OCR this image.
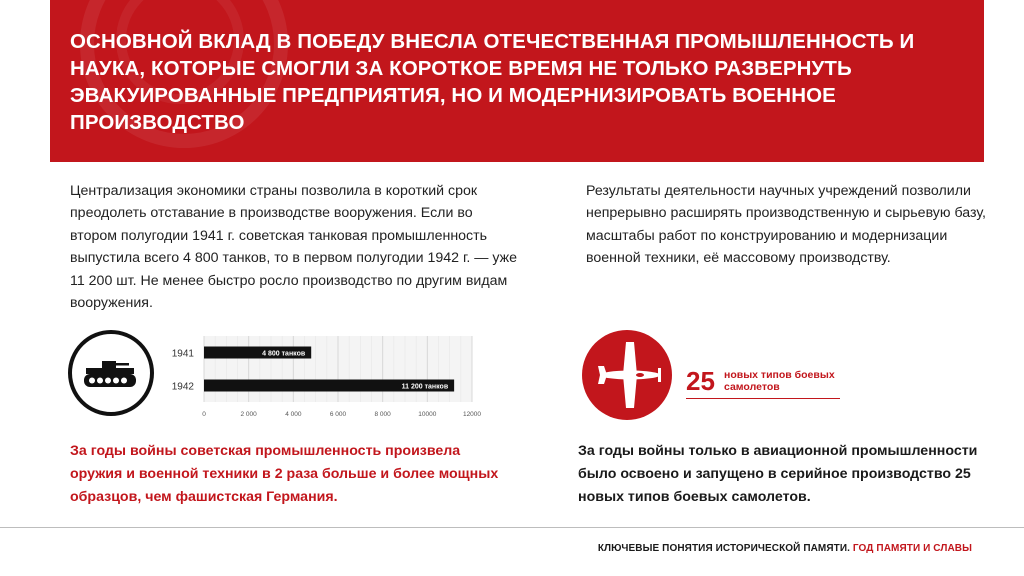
ОСНОВНОЙ ВКЛАД В ПОБЕДУ ВНЕСЛА ОТЕЧЕСТВЕННАЯ ПРОМЫШЛЕННОСТЬ И НАУКА, КОТОРЫЕ СМОГЛИ ЗА КОРОТКОЕ ВРЕМЯ НЕ ТОЛЬКО РАЗВЕРНУТЬ ЭВАКУИРОВАННЫЕ ПРЕДПРИЯТИЯ, НО И МОДЕРНИЗИРОВАТЬ ВОЕННОЕ ПРОИЗВОДСТВО
Централизация экономики страны позволила в короткий срок преодолеть отставание в производстве вооружения. Если во втором полугодии 1941 г. советская танковая промышленность выпустила всего 4 800 танков, то в первом полугодии 1942 г. — уже 11 200 шт. Не менее быстро росло производство по другим видам вооружения.
Результаты деятельности научных учреждений позволили непрерывно расширять производственную и сырьевую базу, масштабы работ по конструированию и модернизации военной техники, её массовому производству.
0	2 000	4 000	6 000	8 000	10000	12000
1941	4 800 танков
1942	11 200 танков	25 новых типов боевых самолетов
За годы войны советская промышленность произвела оружия и военной техники в 2 раза больше и более мощных образцов, чем фашистская Германия.
За годы войны только в авиационной промышленности было освоено и запущено в серийное производство 25 новых типов боевых самолетов.
КЛЮЧЕВЫЕ ПОНЯТИЯ ИСТОРИЧЕСКОЙ ПАМЯТИ. ГОД ПАМЯТИ И СЛАВЫ
